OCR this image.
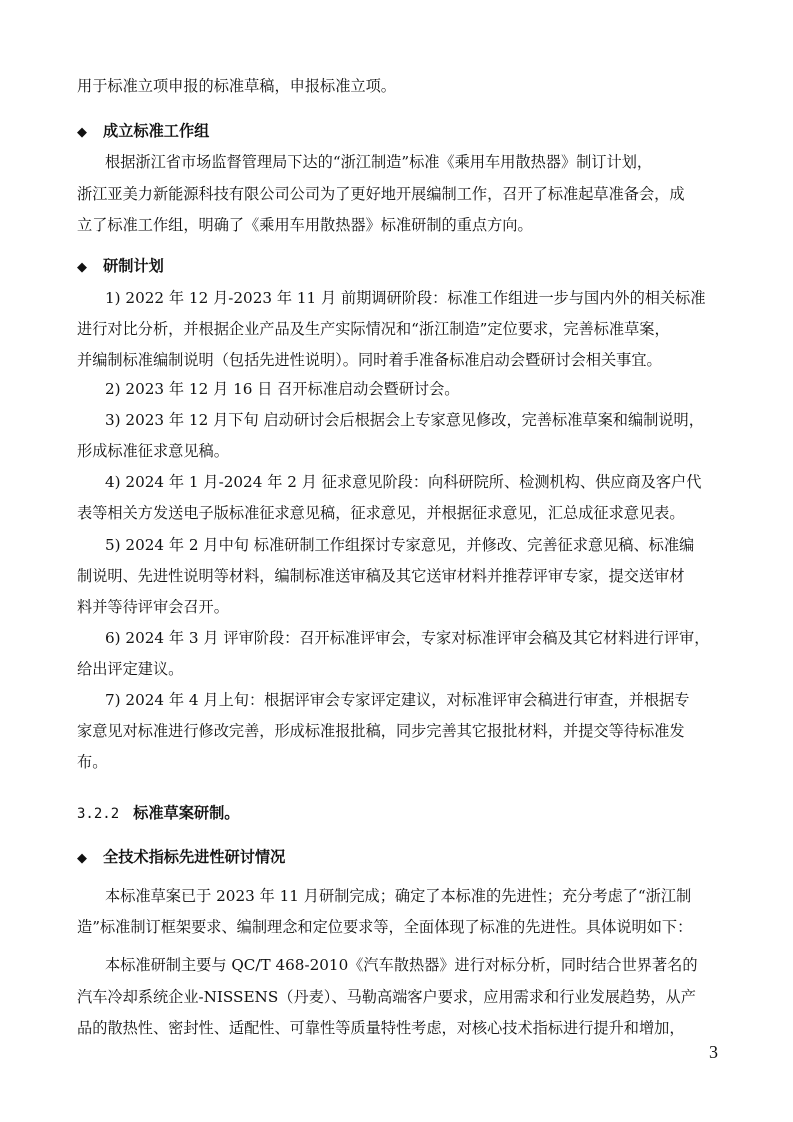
用于标准立项申报的标准草稿，申报标准立项。
◆ 成立标准工作组
根据浙江省市场监督管理局下达的“浙江制造”标准《乘用车用散热器》制订计划，
浙江亚美力新能源科技有限公司公司为了更好地开展编制工作，召开了标准起草准备会，成
立了标准工作组，明确了《乘用车用散热器》标准研制的重点方向。
◆ 研制计划
1) 2022 年 12 月-2023 年 11 月 前期调研阶段：标准工作组进一步与国内外的相关标准
进行对比分析，并根据企业产品及生产实际情况和“浙江制造”定位要求，完善标准草案，
并编制标准编制说明（包括先进性说明）。同时着手准备标准启动会暨研讨会相关事宜。
2) 2023 年 12 月 16 日 召开标准启动会暨研讨会。
3) 2023 年 12 月下旬 启动研讨会后根据会上专家意见修改，完善标准草案和编制说明，
形成标准征求意见稿。
4) 2024 年 1 月-2024 年 2 月 征求意见阶段：向科研院所、检测机构、供应商及客户代
表等相关方发送电子版标准征求意见稿，征求意见，并根据征求意见，汇总成征求意见表。
5) 2024 年 2 月中旬 标准研制工作组探讨专家意见，并修改、完善征求意见稿、标准编
制说明、先进性说明等材料，编制标准送审稿及其它送审材料并推荐评审专家，提交送审材
料并等待评审会召开。
6) 2024 年 3 月 评审阶段：召开标准评审会，专家对标准评审会稿及其它材料进行评审，
给出评定建议。
7) 2024 年 4 月上旬：根据评审会专家评定建议，对标准评审会稿进行审查，并根据专
家意见对标准进行修改完善，形成标准报批稿，同步完善其它报批材料，并提交等待标准发
布。
3.2.2 标准草案研制。
◆ 全技术指标先进性研讨情况
本标准草案已于 2023 年 11 月研制完成；确定了本标准的先进性；充分考虑了“浙江制
造”标准制订框架要求、编制理念和定位要求等，全面体现了标准的先进性。具体说明如下：
本标准研制主要与 QC/T 468-2010《汽车散热器》进行对标分析，同时结合世界著名的
汽车冷却系统企业-NISSENS（丹麦）、马勒高端客户要求，应用需求和行业发展趋势，从产
品的散热性、密封性、适配性、可靠性等质量特性考虑，对核心技术指标进行提升和增加，
3
